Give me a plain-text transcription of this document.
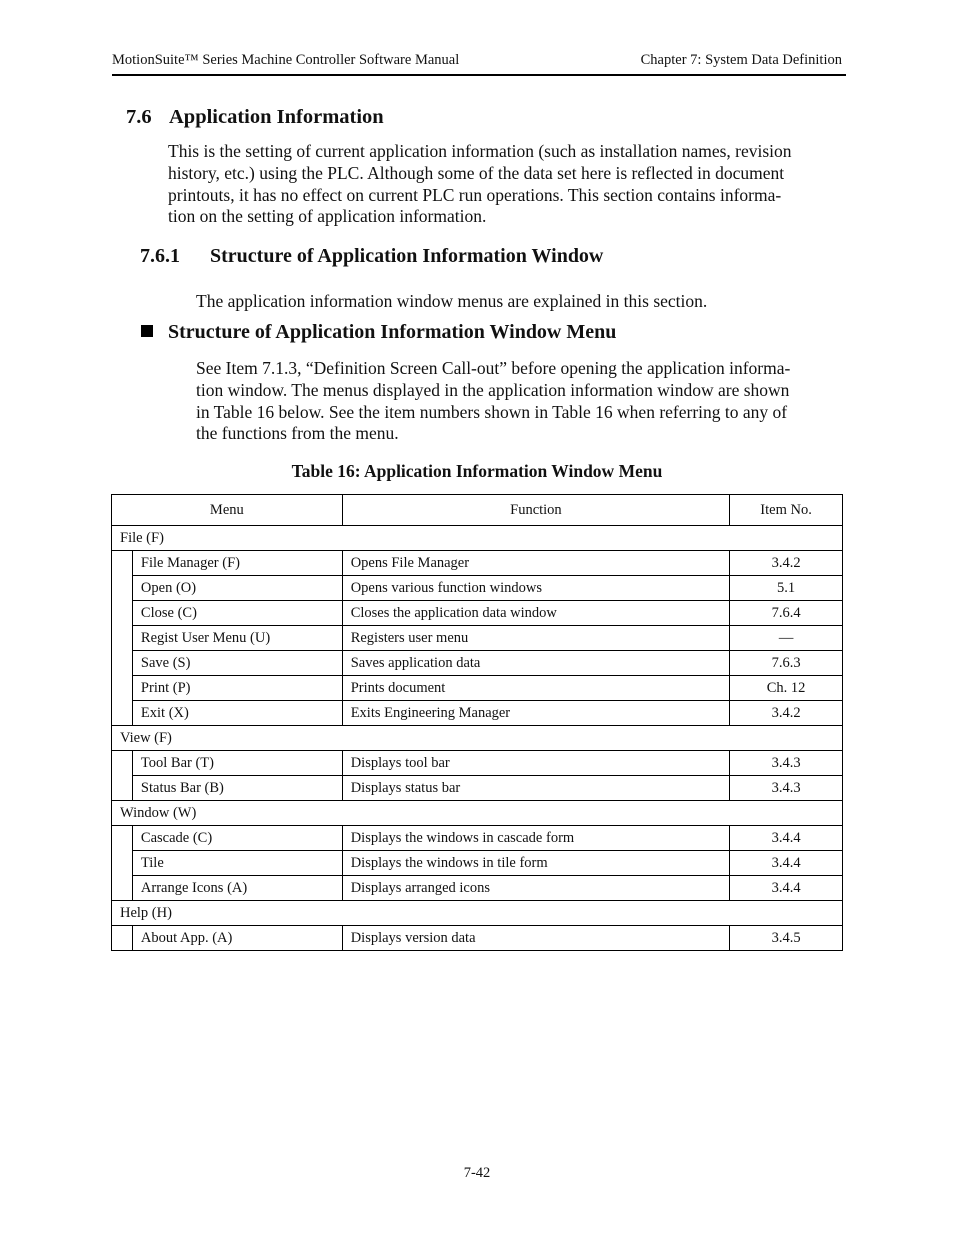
MotionSuite™ Series Machine Controller Software Manual	Chapter 7: System Data Definition
7.6 Application Information
This is the setting of current application information (such as installation names, revision
history, etc.) using the PLC. Although some of the data set here is reflected in document
printouts, it has no effect on current PLC run operations. This section contains informa-
tion on the setting of application information.
7.6.1 Structure of Application Information Window
The application information window menus are explained in this section.
Structure of Application Information Window Menu
See Item 7.1.3, “Definition Screen Call-out” before opening the application informa-
tion window. The menus displayed in the application information window are shown
in Table 16 below. See the item numbers shown in Table 16 when referring to any of
the functions from the menu.
Table 16: Application Information Window Menu
Menu		Function	Item No.
File (F)			
	File Manager (F)	Opens File Manager	3.4.2
	Open (O)	Opens various function windows	5.1
	Close (C)	Closes the application data window	7.6.4
	Regist User Menu (U)	Registers user menu	—
	Save (S)	Saves application data	7.6.3
	Print (P)	Prints document	Ch. 12
	Exit (X)	Exits Engineering Manager	3.4.2
View (F)			
	Tool Bar (T)	Displays tool bar	3.4.3
	Status Bar (B)	Displays status bar	3.4.3
Window (W)			
	Cascade (C)	Displays the windows in cascade form	3.4.4
	Tile	Displays the windows in tile form	3.4.4
	Arrange Icons (A)	Displays arranged icons	3.4.4
Help (H)			
	About App. (A)	Displays version data	3.4.5
7-42
